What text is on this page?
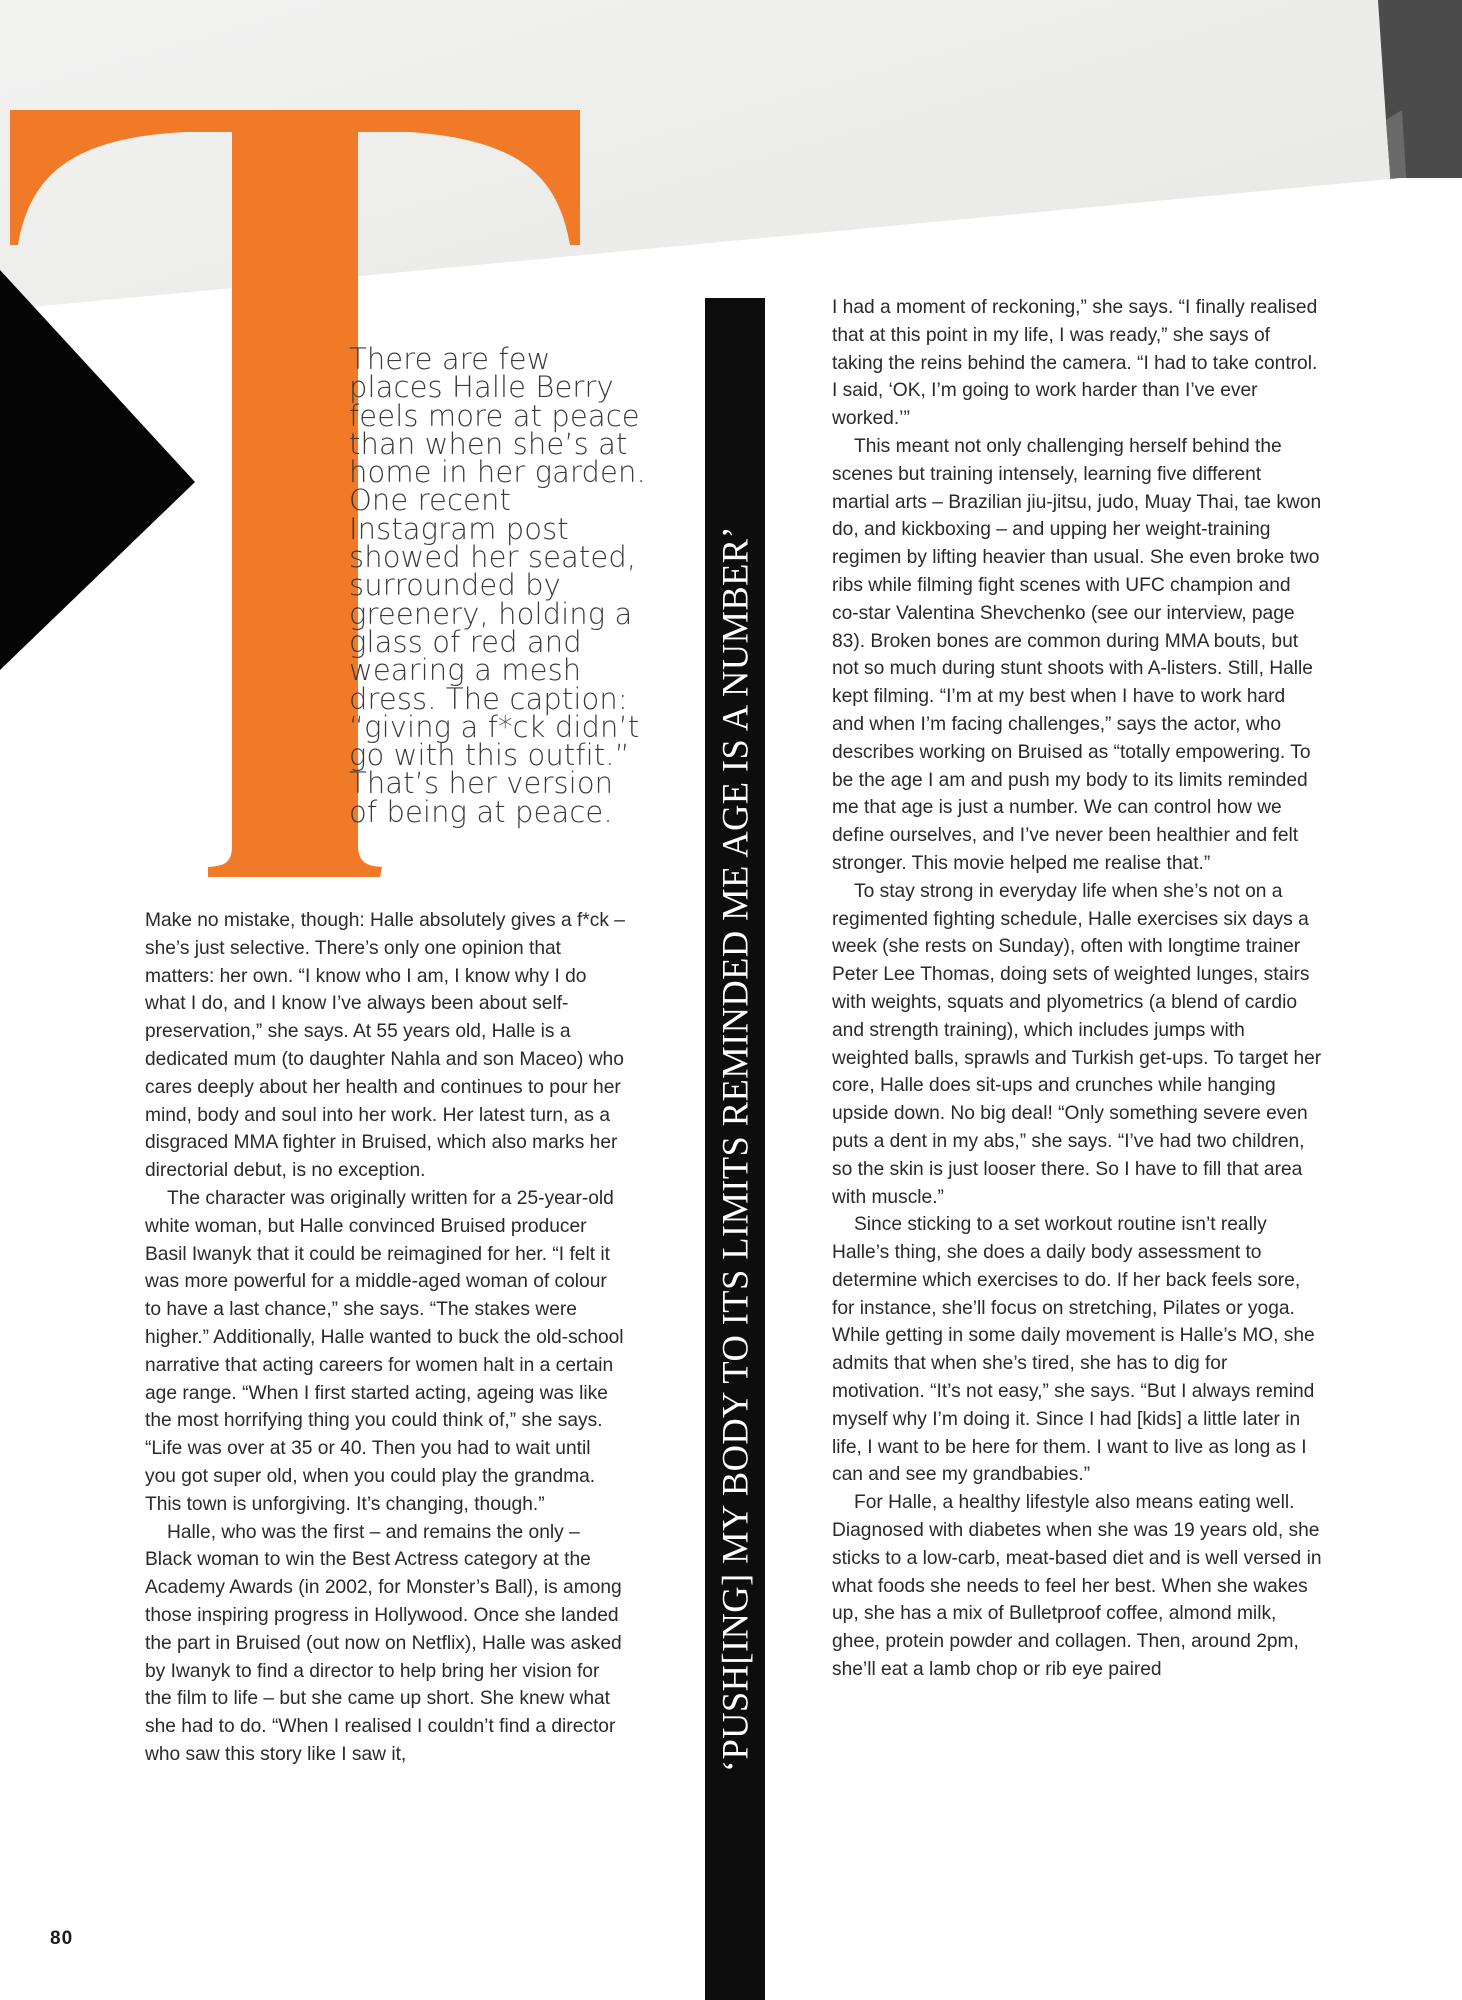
There are few places Halle Berry feels more at peace than when she’s at home in her garden. One recent Instagram post showed her seated, surrounded by greenery, holding a glass of red and wearing a mesh dress. The caption: “giving a f*ck didn’t go with this outfit.” That’s her version of being at peace.

Make no mistake, though: Halle absolutely gives a f*ck – she’s just selective. There’s only one opinion that matters: her own. “I know who I am, I know why I do what I do, and I know I’ve always been about self-preservation,” she says. At 55 years old, Halle is a dedicated mum (to daughter Nahla and son Maceo) who cares deeply about her health and continues to pour her mind, body and soul into her work. Her latest turn, as a disgraced MMA fighter in Bruised, which also marks her directorial debut, is no exception.

The character was originally written for a 25-year-old white woman, but Halle convinced Bruised producer Basil Iwanyk that it could be reimagined for her. “I felt it was more powerful for a middle-aged woman of colour to have a last chance,” she says. “The stakes were higher.” Additionally, Halle wanted to buck the old-school narrative that acting careers for women halt in a certain age range. “When I first started acting, ageing was like the most horrifying thing you could think of,” she says. “Life was over at 35 or 40. Then you had to wait until you got super old, when you could play the grandma. This town is unforgiving. It’s changing, though.”

Halle, who was the first – and remains the only – Black woman to win the Best Actress category at the Academy Awards (in 2002, for Monster’s Ball), is among those inspiring progress in Hollywood. Once she landed the part in Bruised (out now on Netflix), Halle was asked by Iwanyk to find a director to help bring her vision for the film to life – but she came up short. She knew what she had to do. “When I realised I couldn’t find a director who saw this story like I saw it,	‘PUSH[ING] MY BODY TO ITS LIMITS REMINDED ME AGE IS A NUMBER’

I had a moment of reckoning,” she says. “I finally realised that at this point in my life, I was ready,” she says of taking the reins behind the camera. “I had to take control. I said, ‘OK, I’m going to work harder than I’ve ever worked.’”

This meant not only challenging herself behind the scenes but training intensely, learning five different martial arts – Brazilian jiu-jitsu, judo, Muay Thai, tae kwon do, and kickboxing – and upping her weight-training regimen by lifting heavier than usual. She even broke two ribs while filming fight scenes with UFC champion and co-star Valentina Shevchenko (see our interview, page 83). Broken bones are common during MMA bouts, but not so much during stunt shoots with A-listers. Still, Halle kept filming. “I’m at my best when I have to work hard and when I’m facing challenges,” says the actor, who describes working on Bruised as “totally empowering. To be the age I am and push my body to its limits reminded me that age is just a number. We can control how we define ourselves, and I’ve never been healthier and felt stronger. This movie helped me realise that.”

To stay strong in everyday life when she’s not on a regimented fighting schedule, Halle exercises six days a week (she rests on Sunday), often with longtime trainer Peter Lee Thomas, doing sets of weighted lunges, stairs with weights, squats and plyometrics (a blend of cardio and strength training), which includes jumps with weighted balls, sprawls and Turkish get-ups. To target her core, Halle does sit-ups and crunches while hanging upside down. No big deal! “Only something severe even puts a dent in my abs,” she says. “I’ve had two children, so the skin is just looser there. So I have to fill that area with muscle.”

Since sticking to a set workout routine isn’t really Halle’s thing, she does a daily body assessment to determine which exercises to do. If her back feels sore, for instance, she’ll focus on stretching, Pilates or yoga. While getting in some daily movement is Halle’s MO, she admits that when she’s tired, she has to dig for motivation. “It’s not easy,” she says. “But I always remind myself why I’m doing it. Since I had [kids] a little later in life, I want to be here for them. I want to live as long as I can and see my grandbabies.”

For Halle, a healthy lifestyle also means eating well. Diagnosed with diabetes when she was 19 years old, she sticks to a low-carb, meat-based diet and is well versed in what foods she needs to feel her best. When she wakes up, she has a mix of Bulletproof coffee, almond milk, ghee, protein powder and collagen. Then, around 2pm, she’ll eat a lamb chop or rib eye paired

80
